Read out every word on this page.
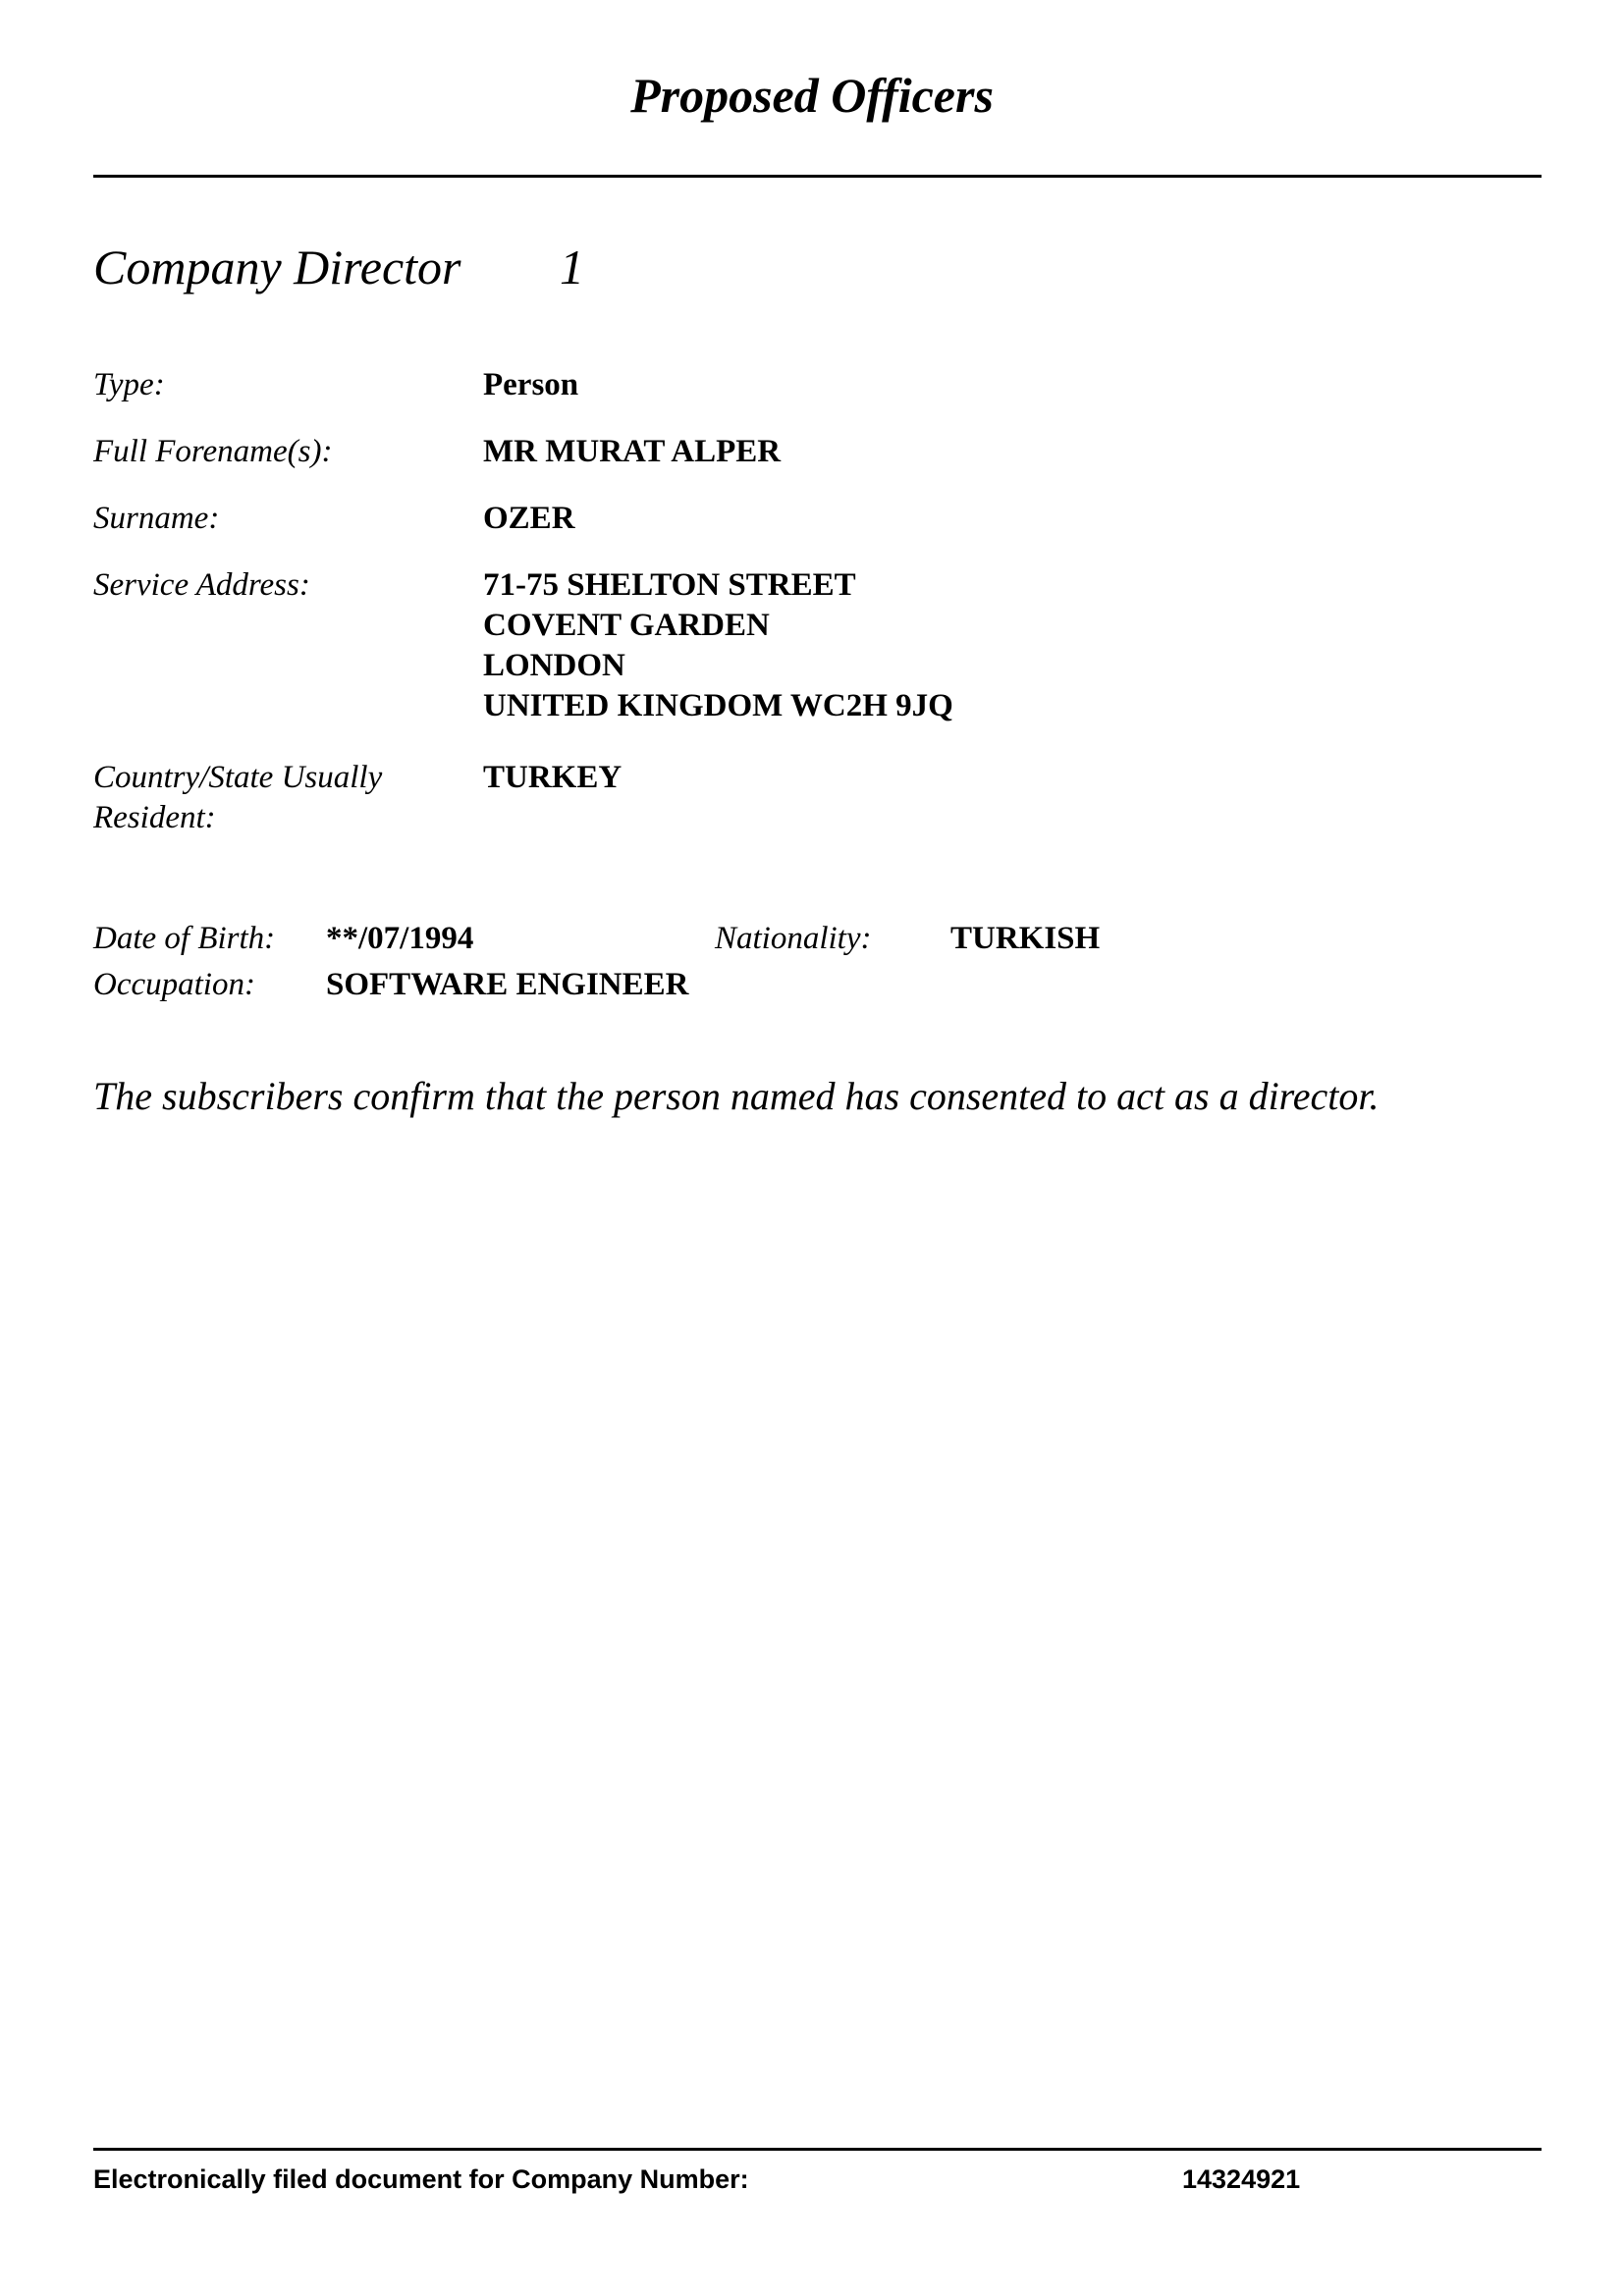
Proposed Officers
Company Director 1
Type:	Person
Full Forename(s):	MR MURAT ALPER
Surname:	OZER
Service Address:	71-75 SHELTON STREET
COVENT GARDEN
LONDON
UNITED KINGDOM WC2H 9JQ
Country/State Usually
Resident:
TURKEY
Date of Birth: **/07/1994	Nationality: TURKISH
Occupation: SOFTWARE ENGINEER
The subscribers confirm that the person named has consented to act as a director.
Electronically filed document for Company Number:	14324921
